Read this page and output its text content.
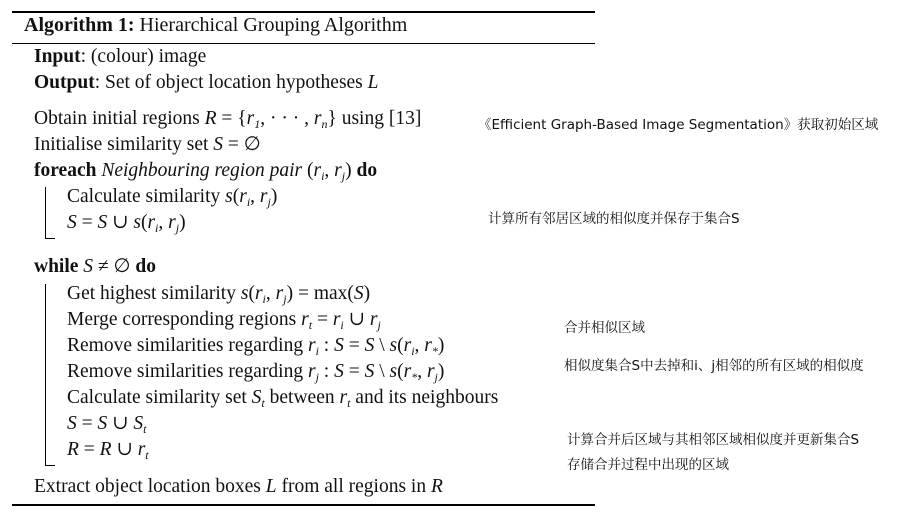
Algorithm 1: Hierarchical Grouping Algorithm
Input: (colour) image
Output: Set of object location hypotheses L
Obtain initial regions $R = \{r_1$, · · · , $r_n$} using [13]
Initialise similarity set S = ∅
foreach Neighbouring region pair ($r_i$, $r_j$) do
Calculate similarity $s(r_i$, $r_j$)
S = S ∪ $s(r_i$, $r_j$)
while S ≠ ∅ do
Get highest similarity $s(r_i$, $r_j) = \max(S)$
Merge corresponding regions $r_t = r_i$ ∪ $r_j$
Remove similarities regarding $r_i$ : S = S \ $s(r_i$, $r_*$)
Remove similarities regarding $r_j$ : S = S \ $s(r_*$, $r_j$)
Calculate similarity set $S_t$ between $r_t$ and its neighbours
S = S ∪ $S_t$
R = R ∪ $r_t$
Extract object location boxes L from all regions in R
《Efficient Graph-Based Image Segmentation》获取初始区域
计算所有邻居区域的相似度并保存于集合S
合并相似区域
相似度集合S中去掉和i、j相邻的所有区域的相似度
计算合并后区域与其相邻区域相似度并更新集合S
存储合并过程中出现的区域
